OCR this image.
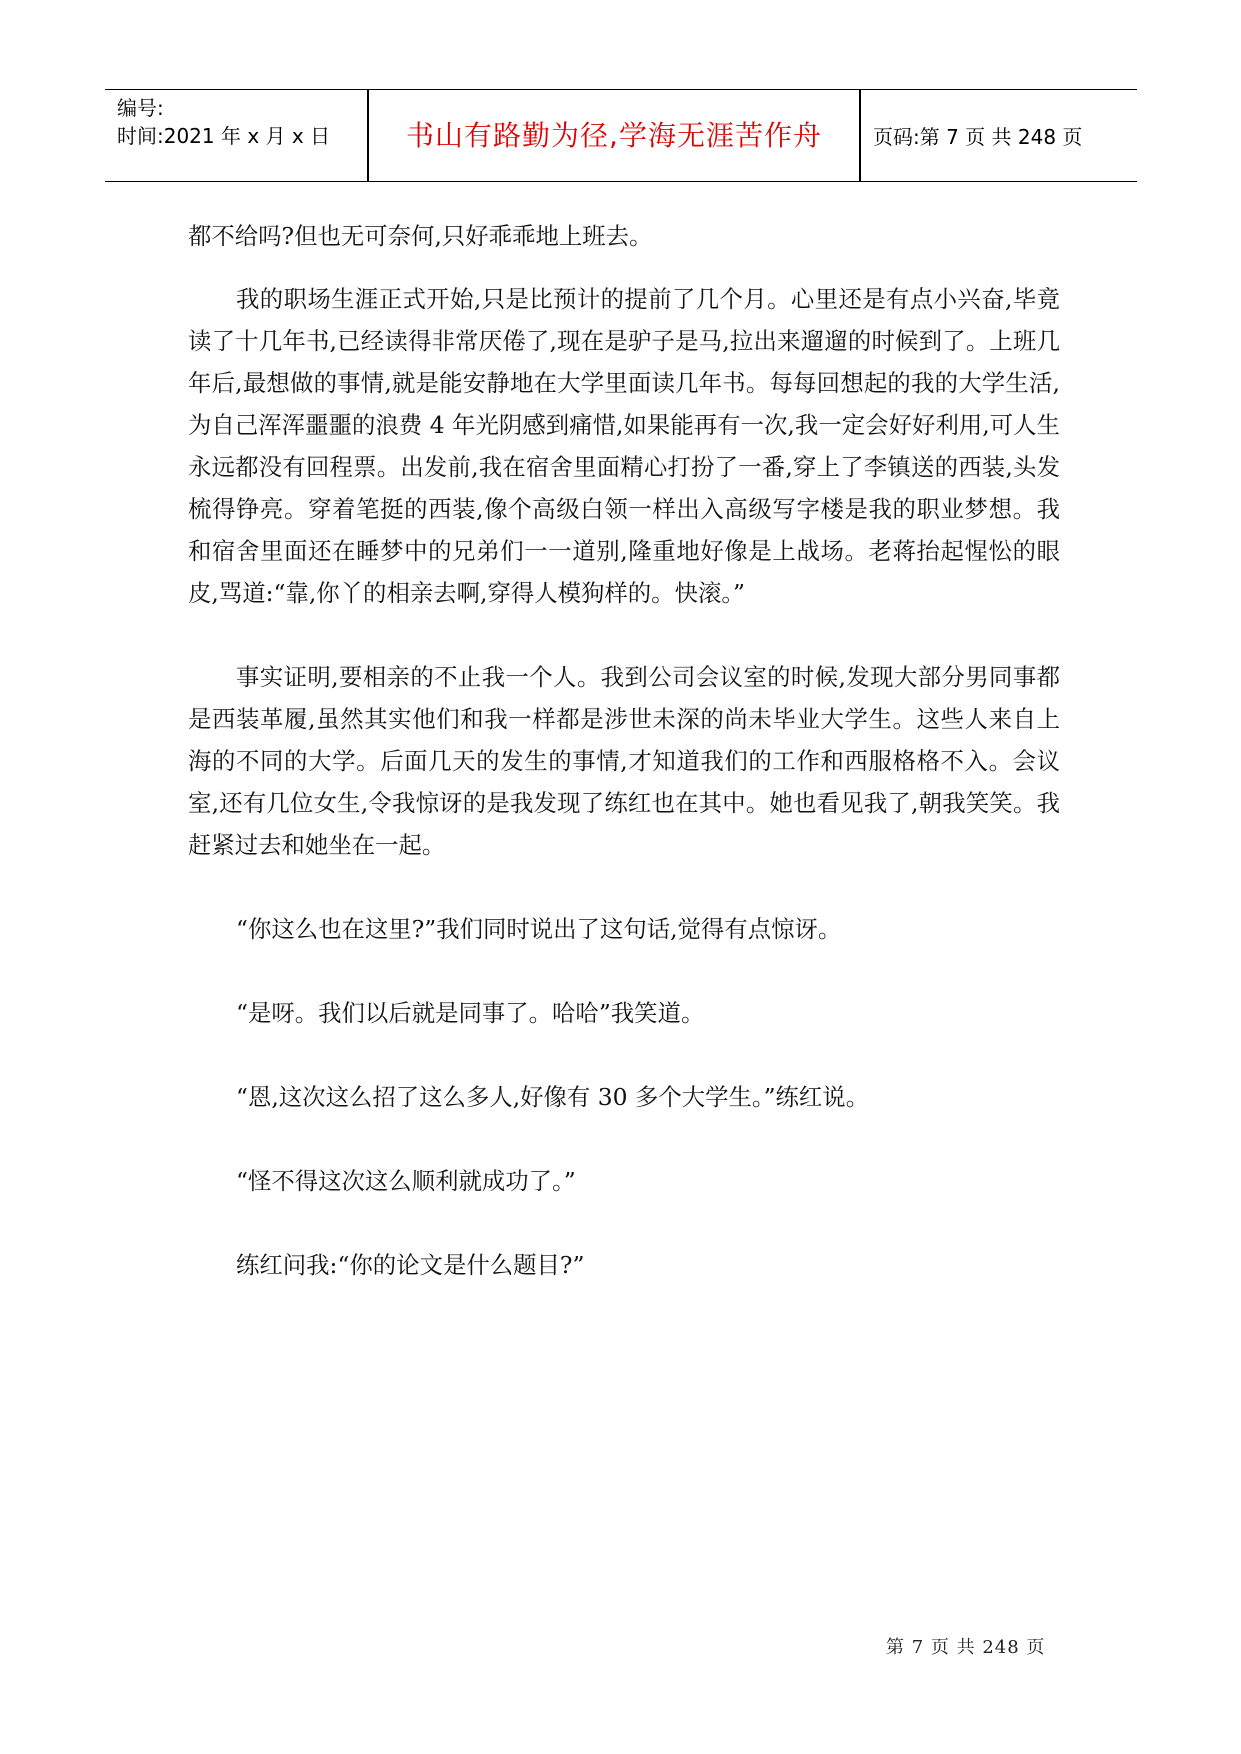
编号:
时间:2021 年 x 月 x 日	书山有路勤为径,学海无涯苦作舟	页码:第 7 页 共 248 页

都不给吗?但也无可奈何,只好乖乖地上班去。

我的职场生涯正式开始,只是比预计的提前了几个月。心里还是有点小兴奋,毕竟读了十几年书,已经读得非常厌倦了,现在是驴子是马,拉出来遛遛的时候到了。上班几年后,最想做的事情,就是能安静地在大学里面读几年书。每每回想起的我的大学生活,为自己浑浑噩噩的浪费 4 年光阴感到痛惜,如果能再有一次,我一定会好好利用,可人生永远都没有回程票。出发前,我在宿舍里面精心打扮了一番,穿上了李镇送的西装,头发梳得铮亮。穿着笔挺的西装,像个高级白领一样出入高级写字楼是我的职业梦想。我和宿舍里面还在睡梦中的兄弟们一一道别,隆重地好像是上战场。老蒋抬起惺忪的眼皮,骂道:“靠,你丫的相亲去啊,穿得人模狗样的。快滚。”

事实证明,要相亲的不止我一个人。我到公司会议室的时候,发现大部分男同事都是西装革履,虽然其实他们和我一样都是涉世未深的尚未毕业大学生。这些人来自上海的不同的大学。后面几天的发生的事情,才知道我们的工作和西服格格不入。会议室,还有几位女生,令我惊讶的是我发现了练红也在其中。她也看见我了,朝我笑笑。我赶紧过去和她坐在一起。

“你这么也在这里?”我们同时说出了这句话,觉得有点惊讶。

“是呀。我们以后就是同事了。哈哈”我笑道。

“恩,这次这么招了这么多人,好像有 30 多个大学生。”练红说。

“怪不得这次这么顺利就成功了。”

练红问我:“你的论文是什么题目?”

第 7 页 共 248 页
